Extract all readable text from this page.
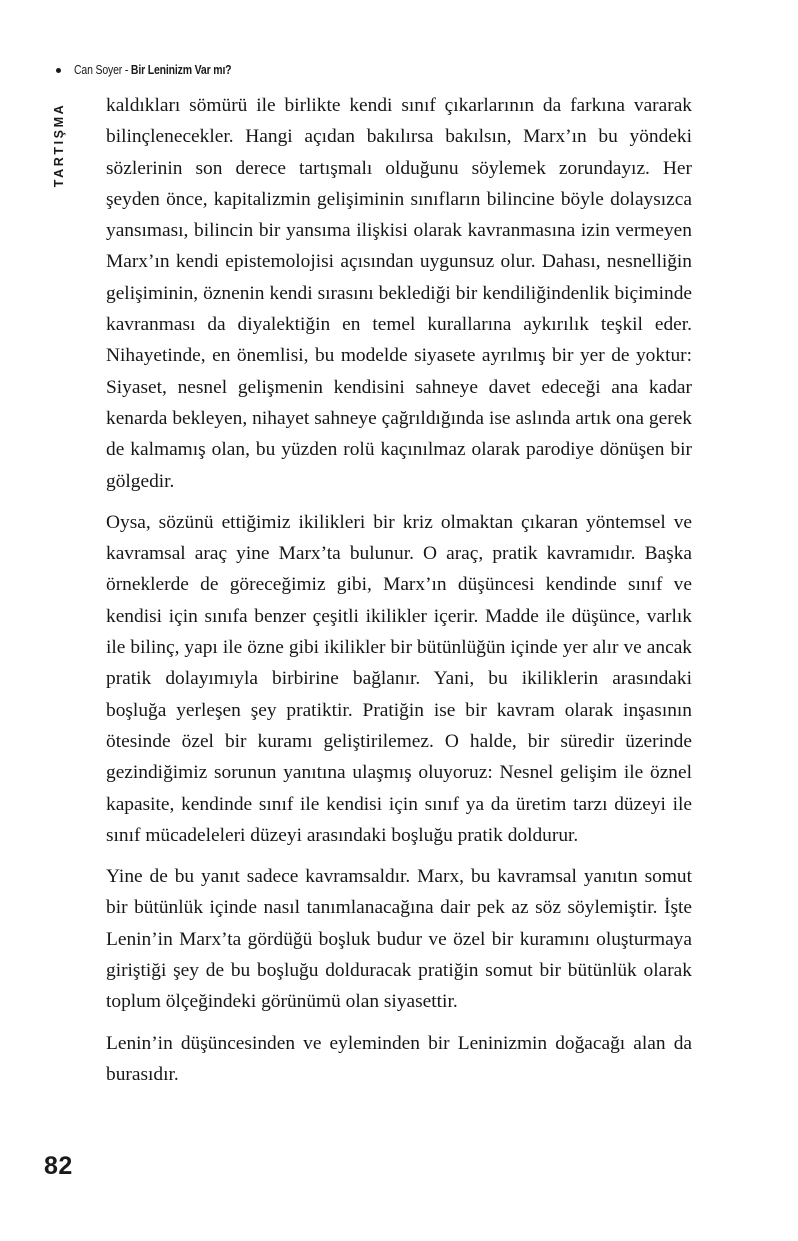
Can Soyer - Bir Leninizm Var mı?
TARTIŞMA kaldıkları sömürü ile birlikte kendi sınıf çıkarlarının da farkına vararak bilinçlenecekler. Hangi açıdan bakılırsa bakılsın, Marx’ın bu yöndeki sözlerinin son derece tartışmalı olduğunu söylemek zorundayız. Her şeyden önce, kapitalizmin gelişiminin sınıfların bilincine böyle dolaysızca yansıması, bilincin bir yansıma ilişkisi olarak kavranmasına izin vermeyen Marx’ın kendi epistemolojisi açısından uygunsuz olur. Dahası, nesnelliğin gelişiminin, öznenin kendi sırasını beklediği bir kendiliğindenlik biçiminde kavranması da diyalektiğin en temel kurallarına aykırılık teşkil eder. Nihayetinde, en önemlisi, bu modelde siyasete ayrılmış bir yer de yoktur: Siyaset, nesnel gelişmenin kendisini sahneye davet edeceği ana kadar kenarda bekleyen, nihayet sahneye çağrıldığında ise aslında artık ona gerek de kalmamış olan, bu yüzden rolü kaçınılmaz olarak parodiye dönüşen bir gölgedir.

Oysa, sözünü ettiğimiz ikilikleri bir kriz olmaktan çıkaran yöntemsel ve kavramsal araç yine Marx’ta bulunur. O araç, pratik kavramıdır. Başka örneklerde de göreceğimiz gibi, Marx’ın düşüncesi kendinde sınıf ve kendisi için sınıfa benzer çeşitli ikilikler içerir. Madde ile düşünce, varlık ile bilinç, yapı ile özne gibi ikilikler bir bütünlüğün içinde yer alır ve ancak pratik dolayımıyla birbirine bağlanır. Yani, bu ikiliklerin arasındaki boşluğa yerleşen şey pratiktir. Pratiğin ise bir kavram olarak inşasının ötesinde özel bir kuramı geliştirilemez. O halde, bir süredir üzerinde gezindiğimiz sorunun yanıtına ulaşmış oluyoruz: Nesnel gelişim ile öznel kapasite, kendinde sınıf ile kendisi için sınıf ya da üretim tarzı düzeyi ile sınıf mücadeleleri düzeyi arasındaki boşluğu pratik doldurur.

Yine de bu yanıt sadece kavramsaldır. Marx, bu kavramsal yanıtın somut bir bütünlük içinde nasıl tanımlanacağına dair pek az söz söylemiştir. İşte Lenin’in Marx’ta gördüğü boşluk budur ve özel bir kuramını oluşturmaya giriştiği şey de bu boşluğu dolduracak pratiğin somut bir bütünlük olarak toplum ölçeğindeki görünümü olan siyasettir.

Lenin’in düşüncesinden ve eyleminden bir Leninizmin doğacağı alan da burasıdır.

82
